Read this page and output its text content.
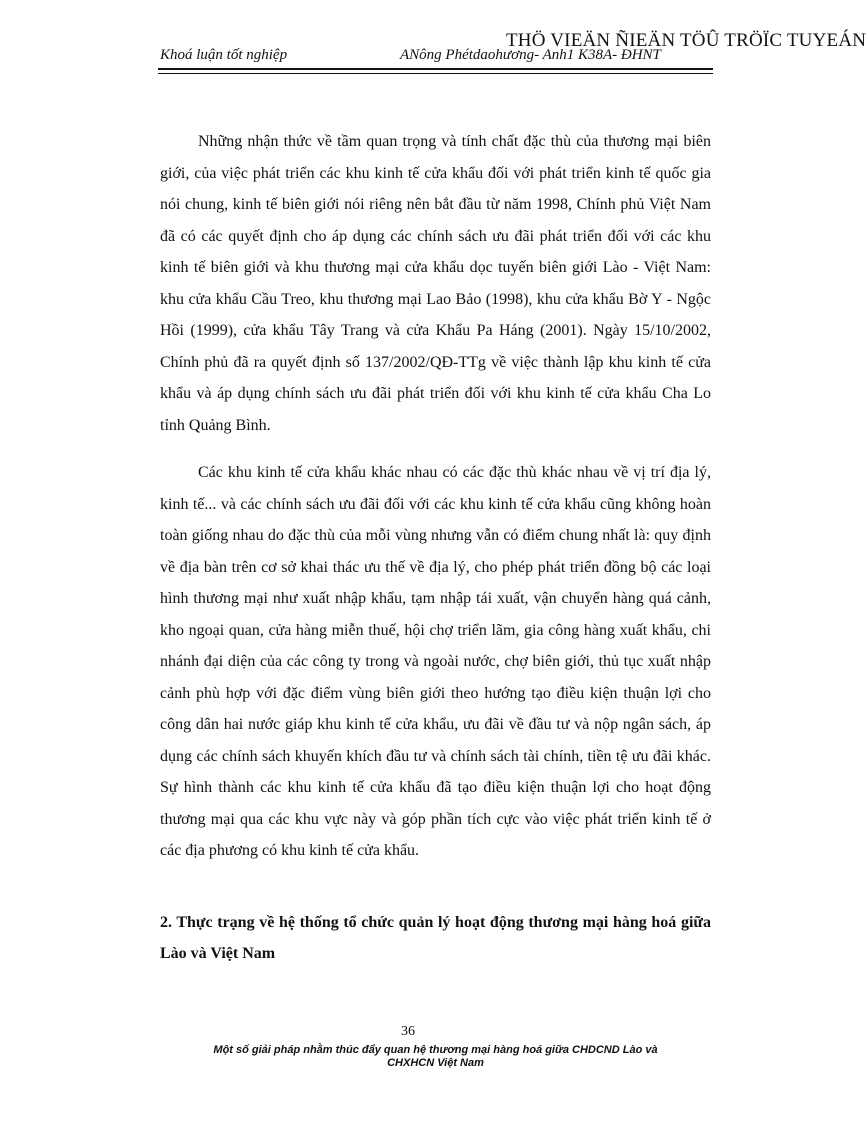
THÖ VIEÄN ÑIEÄN TÖÛ TRÖÏC TUYEÁN
Khoá luận tốt nghiệp	ANông Phétdaohương- Anh1 K38A- ĐHNT

Những nhận thức về tầm quan trọng và tính chất đặc thù của thương mại biên giới, của việc phát triển các khu kinh tế cửa khẩu đối với phát triển kinh tế quốc gia nói chung, kinh tế biên giới nói riêng nên bắt đầu từ năm 1998, Chính phủ Việt Nam đã có các quyết định cho áp dụng các chính sách ưu đãi phát triển đối với các khu kinh tế biên giới và khu thương mại cửa khẩu dọc tuyến biên giới Lào - Việt Nam: khu cửa khẩu Cầu Treo, khu thương mại Lao Bảo (1998), khu cửa khẩu Bờ Y - Ngộc Hồi (1999), cửa khẩu Tây Trang và cửa Khẩu Pa Háng (2001). Ngày 15/10/2002, Chính phủ đã ra quyết định số 137/2002/QĐ-TTg về việc thành lập khu kinh tế cửa khẩu và áp dụng chính sách ưu đãi phát triển đối với khu kinh tế cửa khẩu Cha Lo tỉnh Quảng Bình.

Các khu kinh tế cửa khẩu khác nhau có các đặc thù khác nhau về vị trí địa lý, kinh tế... và các chính sách ưu đãi đối với các khu kinh tế cửa khẩu cũng không hoàn toàn giống nhau do đặc thù của mỗi vùng nhưng vẫn có điểm chung nhất là: quy định về địa bàn trên cơ sở khai thác ưu thế về địa lý, cho phép phát triển đồng bộ các loại hình thương mại như xuất nhập khẩu, tạm nhập tái xuất, vận chuyển hàng quá cảnh, kho ngoại quan, cửa hàng miễn thuế, hội chợ triển lãm, gia công hàng xuất khẩu, chi nhánh đại diện của các công ty trong và ngoài nước, chợ biên giới, thủ tục xuất nhập cảnh phù hợp với đặc điểm vùng biên giới theo hướng tạo điều kiện thuận lợi cho công dân hai nước giáp khu kinh tế cửa khẩu, ưu đãi về đầu tư và nộp ngân sách, áp dụng các chính sách khuyến khích đầu tư và chính sách tài chính, tiền tệ ưu đãi khác. Sự hình thành các khu kinh tế cửa khẩu đã tạo điều kiện thuận lợi cho hoạt động thương mại qua các khu vực này và góp phần tích cực vào việc phát triển kinh tế ở các địa phương có khu kinh tế cửa khẩu.

2. Thực trạng về hệ thống tổ chức quản lý hoạt động thương mại hàng hoá giữa Lào và Việt Nam
36
Một số giải pháp nhằm thúc đẩy quan hệ thương mại hàng hoá giữa CHDCND Lào và
CHXHCN Việt Nam
